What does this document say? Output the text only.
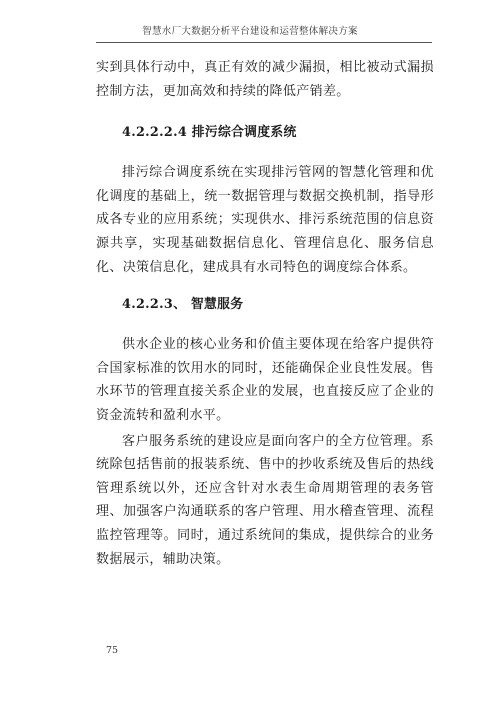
智慧水厂大数据分析平台建设和运营整体解决方案

实到具体行动中，真正有效的减少漏损，相比被动式漏损控制方法，更加高效和持续的降低产销差。

4.2.2.2.4 排污综合调度系统

排污综合调度系统在实现排污管网的智慧化管理和优化调度的基础上，统一数据管理与数据交换机制，指导形成各专业的应用系统；实现供水、排污系统范围的信息资源共享，实现基础数据信息化、管理信息化、服务信息化、决策信息化，建成具有水司特色的调度综合体系。

4.2.2.3、 智慧服务

供水企业的核心业务和价值主要体现在给客户提供符合国家标准的饮用水的同时，还能确保企业良性发展。售水环节的管理直接关系企业的发展，也直接反应了企业的资金流转和盈利水平。

客户服务系统的建设应是面向客户的全方位管理。系统除包括售前的报装系统、售中的抄收系统及售后的热线管理系统以外，还应含针对水表生命周期管理的表务管理、加强客户沟通联系的客户管理、用水稽查管理、流程监控管理等。同时，通过系统间的集成，提供综合的业务数据展示，辅助决策。

75
